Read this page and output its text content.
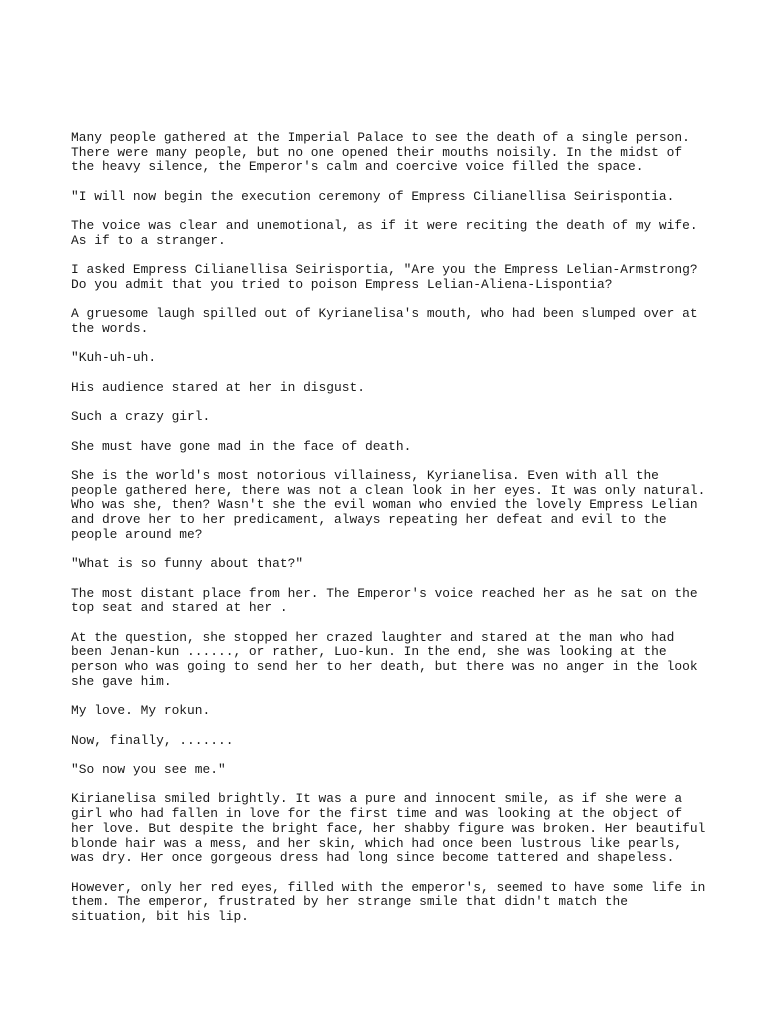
Many people gathered at the Imperial Palace to see the death of a single person. There were many people, but no one opened their mouths noisily. In the midst of the heavy silence, the Emperor's calm and coercive voice filled the space.

"I will now begin the execution ceremony of Empress Cilianellisa Seirispontia.

The voice was clear and unemotional, as if it were reciting the death of my wife. As if to a stranger.

I asked Empress Cilianellisa Seirisportia, "Are you the Empress Lelian-Armstrong? Do you admit that you tried to poison Empress Lelian-Aliena-Lispontia?

A gruesome laugh spilled out of Kyrianelisa's mouth, who had been slumped over at the words.

"Kuh-uh-uh.

His audience stared at her in disgust.

Such a crazy girl.

She must have gone mad in the face of death.

She is the world's most notorious villainess, Kyrianelisa. Even with all the people gathered here, there was not a clean look in her eyes. It was only natural. Who was she, then? Wasn't she the evil woman who envied the lovely Empress Lelian and drove her to her predicament, always repeating her defeat and evil to the people around me?

"What is so funny about that?"

The most distant place from her. The Emperor's voice reached her as he sat on the top seat and stared at her .

At the question, she stopped her crazed laughter and stared at the man who had been Jenan-kun ......, or rather, Luo-kun. In the end, she was looking at the person who was going to send her to her death, but there was no anger in the look she gave him.

My love. My rokun.

Now, finally, .......

"So now you see me."

Kirianelisa smiled brightly. It was a pure and innocent smile, as if she were a girl who had fallen in love for the first time and was looking at the object of her love. But despite the bright face, her shabby figure was broken. Her beautiful blonde hair was a mess, and her skin, which had once been lustrous like pearls, was dry. Her once gorgeous dress had long since become tattered and shapeless.

However, only her red eyes, filled with the emperor's, seemed to have some life in them. The emperor, frustrated by her strange smile that didn't match the situation, bit his lip.
